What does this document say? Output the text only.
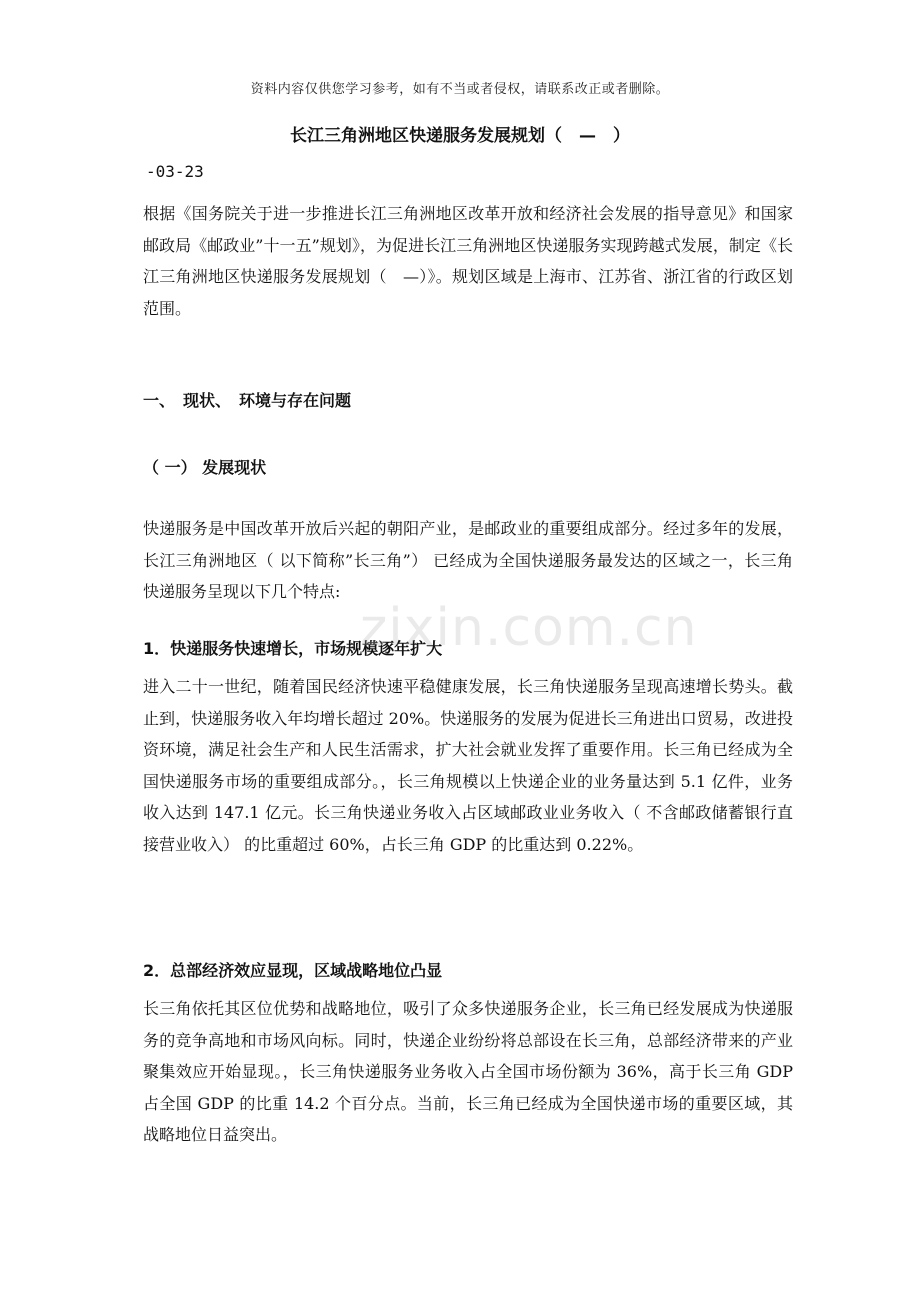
资料内容仅供您学习参考，如有不当或者侵权，请联系改正或者删除。
长江三角洲地区快递服务发展规划（　—　）
-03-23

根据《国务院关于进一步推进长江三角洲地区改革开放和经济社会发展的指导意见》和国家邮政局《邮政业”十一五”规划》，为促进长江三角洲地区快递服务实现跨越式发展，制定《长江三角洲地区快递服务发展规划（　—）》。规划区域是上海市、江苏省、浙江省的行政区划范围。

一、　现状、　环境与存在问题
（ 一） 发展现状

快递服务是中国改革开放后兴起的朝阳产业，是邮政业的重要组成部分。经过多年的发展，长江三角洲地区（ 以下简称”长三角”） 已经成为全国快递服务最发达的区域之一，长三角快递服务呈现以下几个特点:

1．快递服务快速增长，市场规模逐年扩大

进入二十一世纪，随着国民经济快速平稳健康发展，长三角快递服务呈现高速增长势头。截止到，快递服务收入年均增长超过 20%。快递服务的发展为促进长三角进出口贸易，改进投资环境，满足社会生产和人民生活需求，扩大社会就业发挥了重要作用。长三角已经成为全国快递服务市场的重要组成部分。，长三角规模以上快递企业的业务量达到 5.1 亿件，业务收入达到 147.1 亿元。长三角快递业务收入占区域邮政业业务收入（ 不含邮政储蓄银行直接营业收入） 的比重超过 60%，占长三角 GDP 的比重达到 0.22%。

2．总部经济效应显现，区域战略地位凸显

长三角依托其区位优势和战略地位，吸引了众多快递服务企业，长三角已经发展成为快递服务的竞争高地和市场风向标。同时，快递企业纷纷将总部设在长三角，总部经济带来的产业聚集效应开始显现。，长三角快递服务业务收入占全国市场份额为 36%，高于长三角 GDP 占全国 GDP 的比重 14.2 个百分点。当前，长三角已经成为全国快递市场的重要区域，其战略地位日益突出。

zixin.com.cn
